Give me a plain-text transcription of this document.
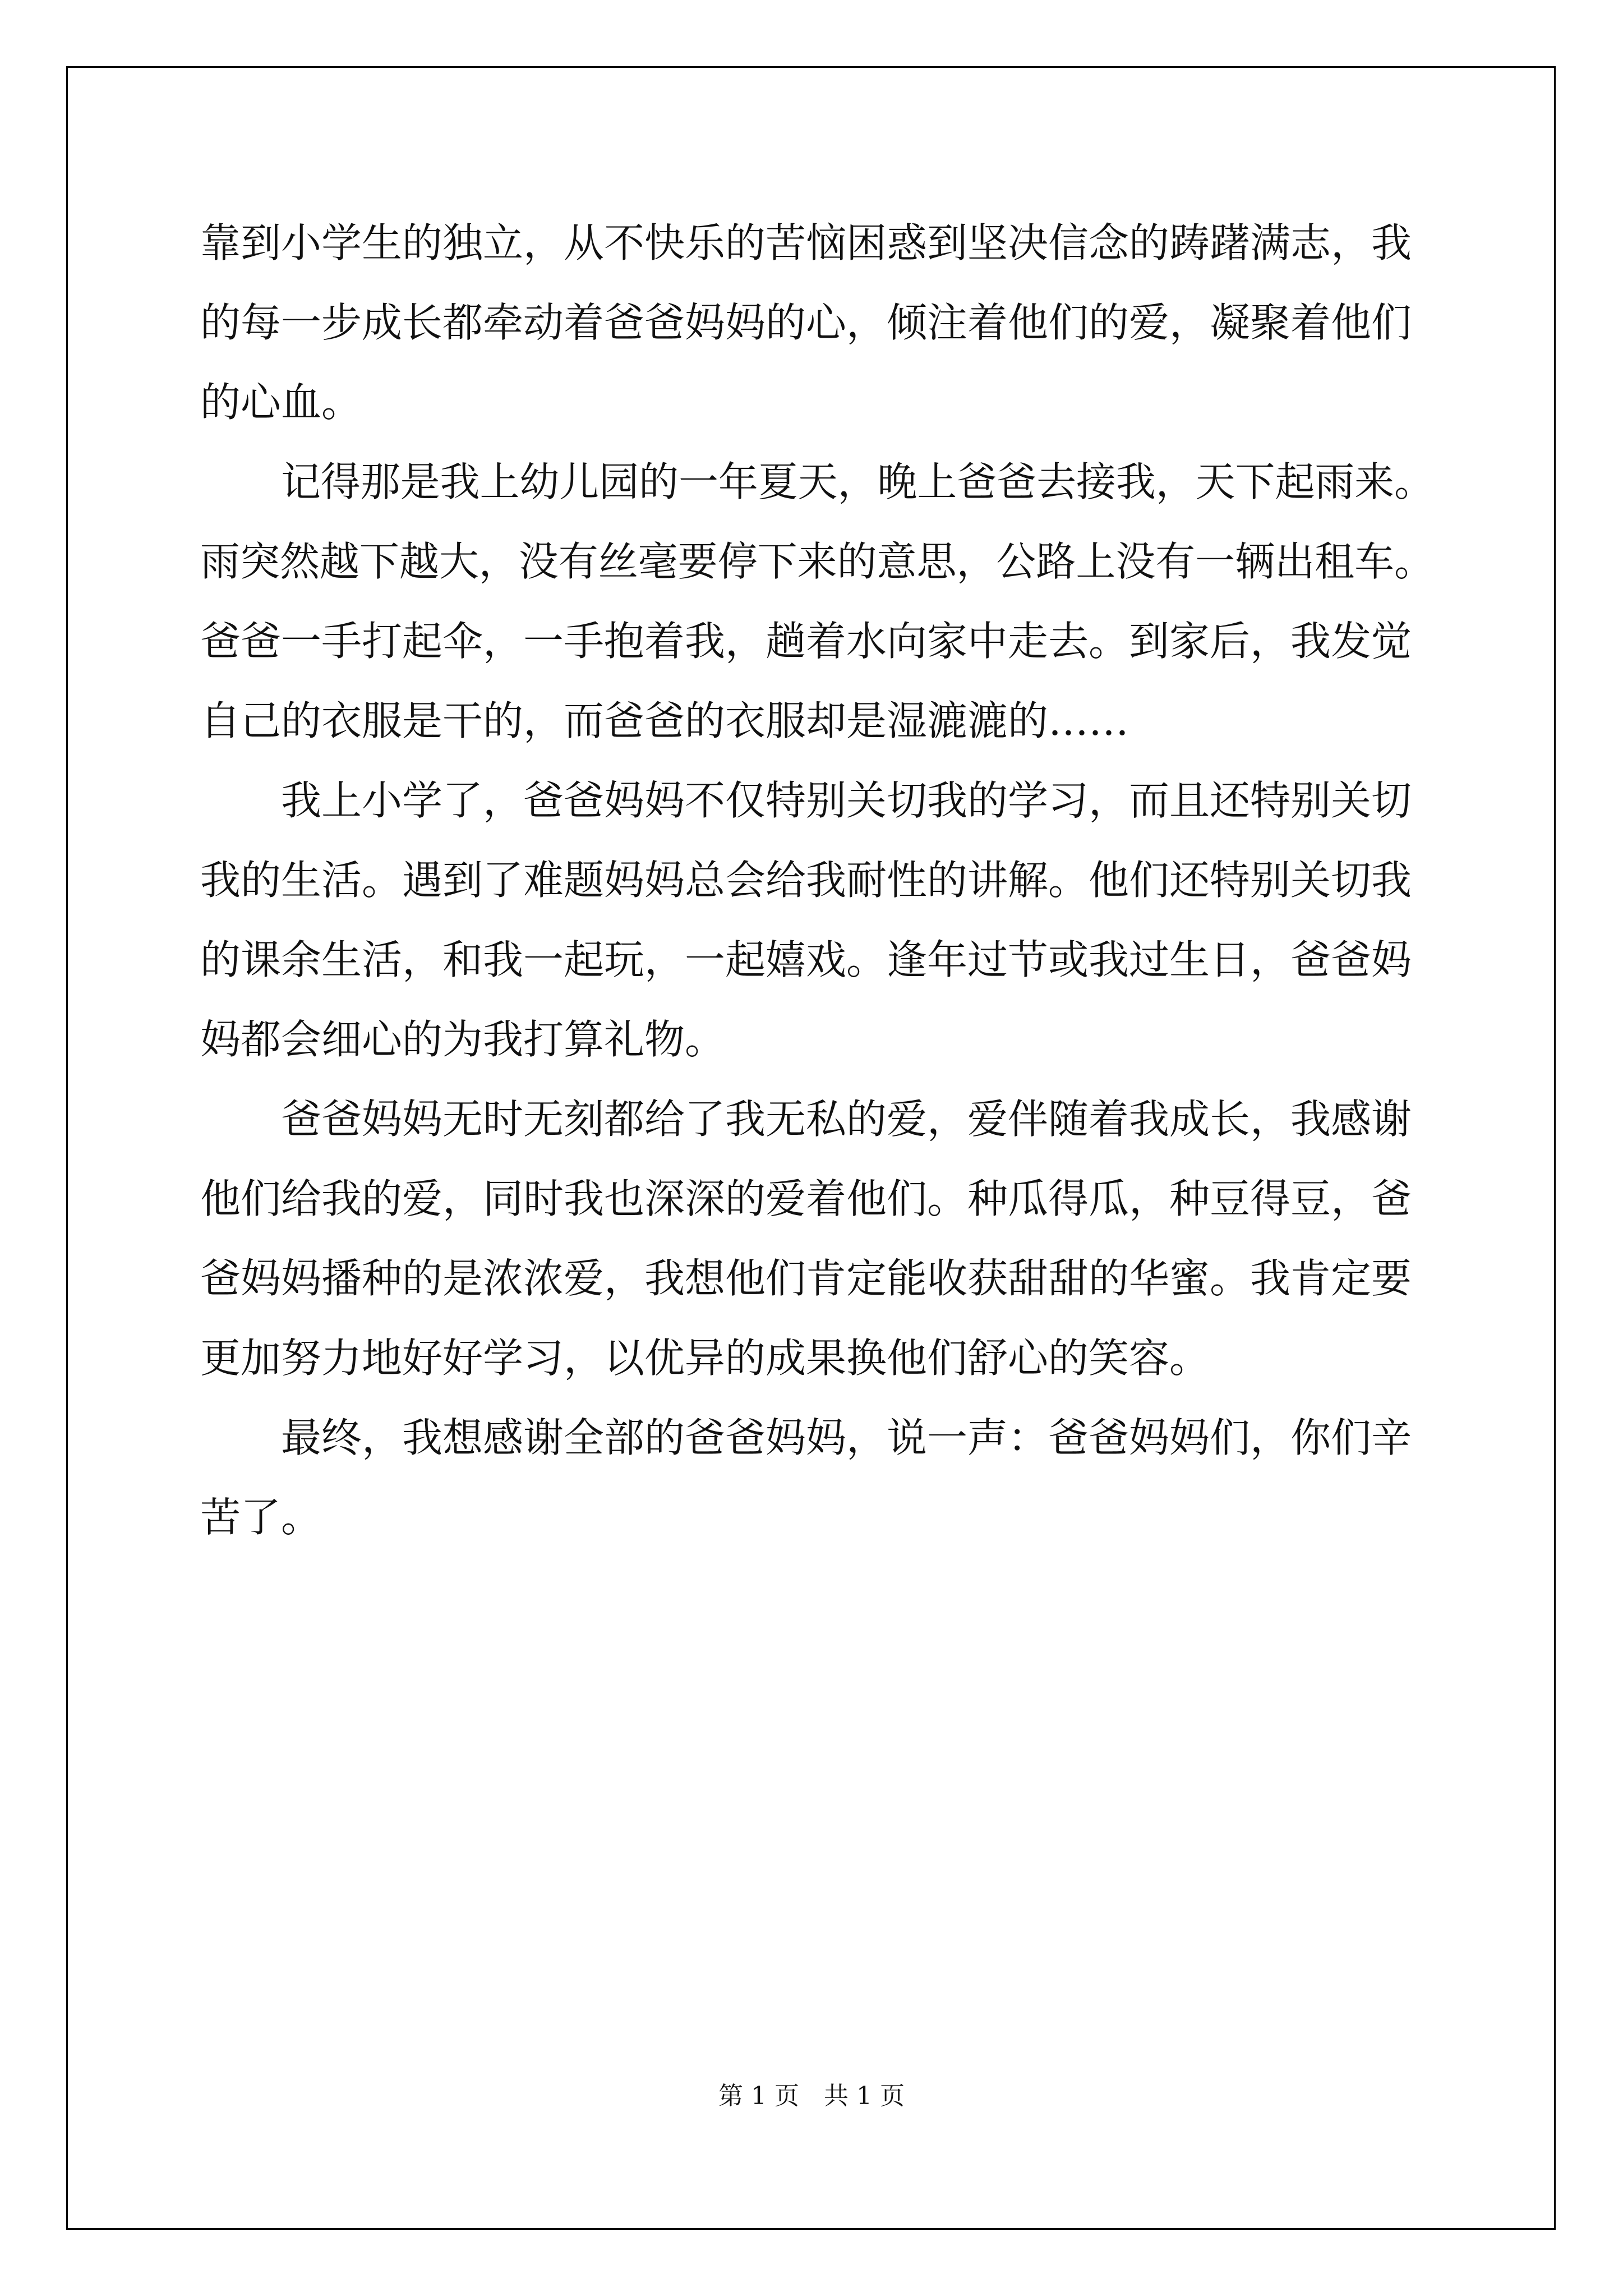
靠到小学生的独立，从不快乐的苦恼困惑到坚决信念的踌躇满志，我
的每一步成长都牵动着爸爸妈妈的心，倾注着他们的爱，凝聚着他们
的心血。
记得那是我上幼儿园的一年夏天，晚上爸爸去接我，天下起雨来。
雨突然越下越大，没有丝毫要停下来的意思，公路上没有一辆出租车。
爸爸一手打起伞，一手抱着我，趟着水向家中走去。到家后，我发觉
自己的衣服是干的，而爸爸的衣服却是湿漉漉的……
我上小学了，爸爸妈妈不仅特别关切我的学习，而且还特别关切
我的生活。遇到了难题妈妈总会给我耐性的讲解。他们还特别关切我
的课余生活，和我一起玩，一起嬉戏。逢年过节或我过生日，爸爸妈
妈都会细心的为我打算礼物。
爸爸妈妈无时无刻都给了我无私的爱，爱伴随着我成长，我感谢
他们给我的爱，同时我也深深的爱着他们。种瓜得瓜，种豆得豆，爸
爸妈妈播种的是浓浓爱，我想他们肯定能收获甜甜的华蜜。我肯定要
更加努力地好好学习，以优异的成果换他们舒心的笑容。
最终，我想感谢全部的爸爸妈妈，说一声：爸爸妈妈们，你们辛
苦了。
第 1 页　共 1 页
